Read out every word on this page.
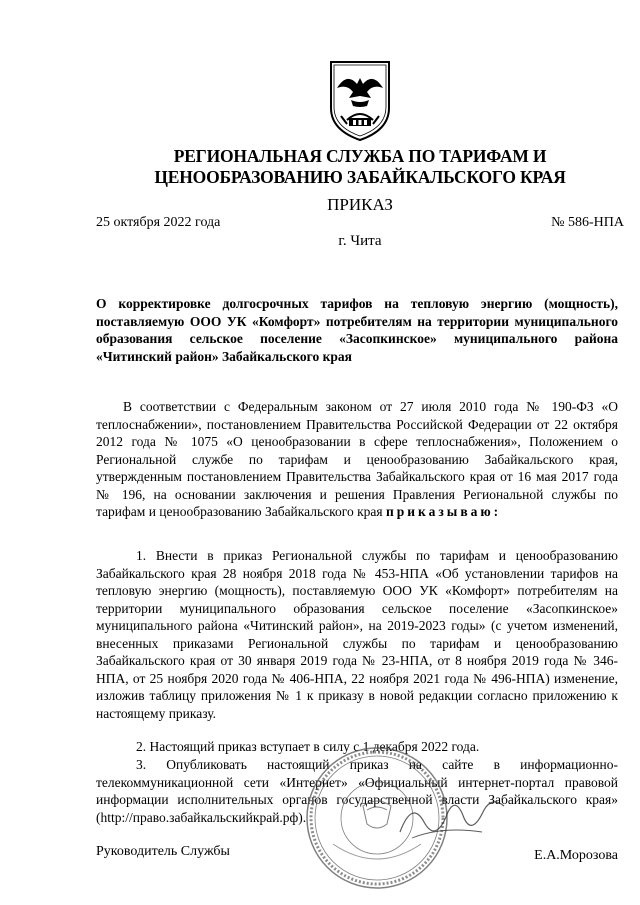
РЕГИОНАЛЬНАЯ СЛУЖБА ПО ТАРИФАМ И
ЦЕНООБРАЗОВАНИЮ ЗАБАЙКАЛЬСКОГО КРАЯ
ПРИКАЗ
25 октября 2022 года	№ 586-НПА
г. Чита
О корректировке долгосрочных тарифов на тепловую энергию (мощность), поставляемую ООО УК «Комфорт» потребителям на территории муниципального образования сельское поселение «Засопкинское» муниципального района «Читинский район» Забайкальского края

В соответствии с Федеральным законом от 27 июля 2010 года № 190-ФЗ «О теплоснабжении», постановлением Правительства Российской Федерации от 22 октября 2012 года № 1075 «О ценообразовании в сфере теплоснабжения», Положением о Региональной службе по тарифам и ценообразованию Забайкальского края, утвержденным постановлением Правительства Забайкальского края от 16 мая 2017 года № 196, на основании заключения и решения Правления Региональной службы по тарифам и ценообразованию Забайкальского края приказываю:

1. Внести в приказ Региональной службы по тарифам и ценообразованию Забайкальского края 28 ноября 2018 года № 453-НПА «Об установлении тарифов на тепловую энергию (мощность), поставляемую ООО УК «Комфорт» потребителям на территории муниципального образования сельское поселение «Засопкинское» муниципального района «Читинский район», на 2019-2023 годы» (с учетом изменений, внесенных приказами Региональной службы по тарифам и ценообразованию Забайкальского края от 30 января 2019 года № 23-НПА, от 8 ноября 2019 года № 346-НПА, от 25 ноября 2020 года № 406-НПА, 22 ноября 2021 года № 496-НПА) изменение, изложив таблицу приложения № 1 к приказу в новой редакции согласно приложению к настоящему приказу.

2. Настоящий приказ вступает в силу с 1 декабря 2022 года.

3. Опубликовать настоящий приказ на сайте в информационно-телекоммуникационной сети «Интернет» «Официальный интернет-портал правовой информации исполнительных органов государственной власти Забайкальского края» (http://право.забайкальскийкрай.рф).

Руководитель Службы	Е.А.Морозова
